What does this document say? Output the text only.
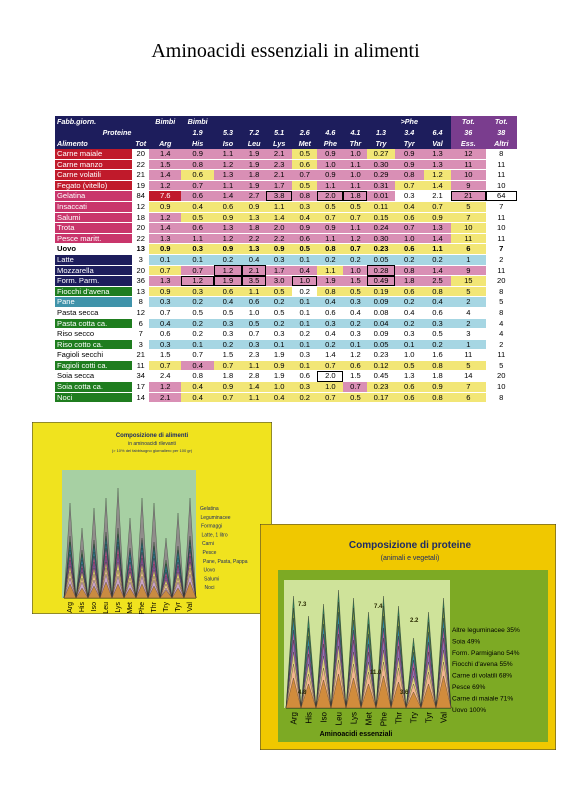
Aminoacidi essenziali in alimenti
Fabb.giorn.		Bimbi	Bimbi								>Phe		Tot.	Tot.
Proteine			1.9	5.3	7.2	5.1	2.6	4.6	4.1	1.3	3.4	6.4	36	38
Alimento	Tot	Arg	His	Iso	Leu	Lys	Met	Phe	Thr	Try	Tyr	Val	Ess.	Altri
Carne maiale	20	1.4	0.9	1.1	1.9	2.1	0.5	0.9	1.0	0.27	0.9	1.3	12	8
Carne manzo	22	1.5	0.8	1.2	1.9	2.3	0.6	1.0	1.1	0.30	0.9	1.3	11	11
Carne volatili	21	1.4	0.6	1.3	1.8	2.1	0.7	0.9	1.0	0.29	0.8	1.2	10	11
Fegato (vitello)	19	1.2	0.7	1.1	1.9	1.7	0.5	1.1	1.1	0.31	0.7	1.4	9	10
Gelatina	84	7.6	0.6	1.4	2.7	3.8	0.8	2.0	1.8	0.01	0.3	2.1	21	64
Insaccati	12	0.9	0.4	0.6	0.9	1.1	0.3	0.5	0.5	0.11	0.4	0.7	5	7
Salumi	18	1.2	0.5	0.9	1.3	1.4	0.4	0.7	0.7	0.15	0.6	0.9	7	11
Trota	20	1.4	0.6	1.3	1.8	2.0	0.9	0.9	1.1	0.24	0.7	1.3	10	10
Pesce maritt.	22	1.3	1.1	1.2	2.2	2.2	0.6	1.1	1.2	0.30	1.0	1.4	11	11
Uovo	13	0.9	0.3	0.9	1.3	0.9	0.5	0.8	0.7	0.23	0.6	1.1	6	7
Latte	3	0.1	0.1	0.2	0.4	0.3	0.1	0.2	0.2	0.05	0.2	0.2	1	2
Mozzarella	20	0.7	0.7	1.2	2.1	1.7	0.4	1.1	1.0	0.28	0.8	1.4	9	11
Form. Parm.	36	1.3	1.2	1.9	3.5	3.0	1.0	1.9	1.5	0.49	1.8	2.5	15	20
Fiocchi d'avena	13	0.9	0.3	0.6	1.1	0.5	0.2	0.8	0.5	0.19	0.6	0.8	5	8
Pane	8	0.3	0.2	0.4	0.6	0.2	0.1	0.4	0.3	0.09	0.2	0.4	2	5
Pasta secca	12	0.7	0.5	0.5	1.0	0.5	0.1	0.6	0.4	0.08	0.4	0.6	4	8
Pasta cotta ca.	6	0.4	0.2	0.3	0.5	0.2	0.1	0.3	0.2	0.04	0.2	0.3	2	4
Riso secco	7	0.6	0.2	0.3	0.7	0.3	0.2	0.4	0.3	0.09	0.3	0.5	3	4
Riso cotto ca.	3	0.3	0.1	0.2	0.3	0.1	0.1	0.2	0.1	0.05	0.1	0.2	1	2
Fagioli secchi	21	1.5	0.7	1.5	2.3	1.9	0.3	1.4	1.2	0.23	1.0	1.6	11	11
Fagioli cotti ca.	11	0.7	0.4	0.7	1.1	0.9	0.1	0.7	0.6	0.12	0.5	0.8	5	5
Soia secca	34	2.4	0.8	1.8	2.8	1.9	0.6	2.0	1.5	0.45	1.3	1.8	14	20
Soia cotta ca.	17	1.2	0.4	0.9	1.4	1.0	0.3	1.0	0.7	0.23	0.6	0.9	7	10
Noci	14	2.1	0.4	0.7	1.1	0.4	0.2	0.7	0.5	0.17	0.6	0.8	6	8
Composizione di alimenti
in aminoacidi rilevanti
(> 10% del fabbisogno giornaliero per 100 gr)
Gelatina
Leguminacee
Formaggi
Latte, 1 litro
Carni
Pesce
Pane, Pasta, Pappa
Uovo
Salumi
Noci
Arg His Iso Leu Lys Met Phe Thr Try Tyr Val
Composizione di proteine
(animali e vegetali)
7.3	7.4
2.2
4.8
11.0
3.6
Altre leguminacee 35%
Soia 49%
Form. Parmigiano 54%
Fiocchi d'avena 55%
Carne di volatili 68%
Pesce 69%
Carne di maiale 71%
Uovo 100%
Arg His Iso Leu Lys Met Phe Thr Try Tyr Val
Aminoacidi essenziali
